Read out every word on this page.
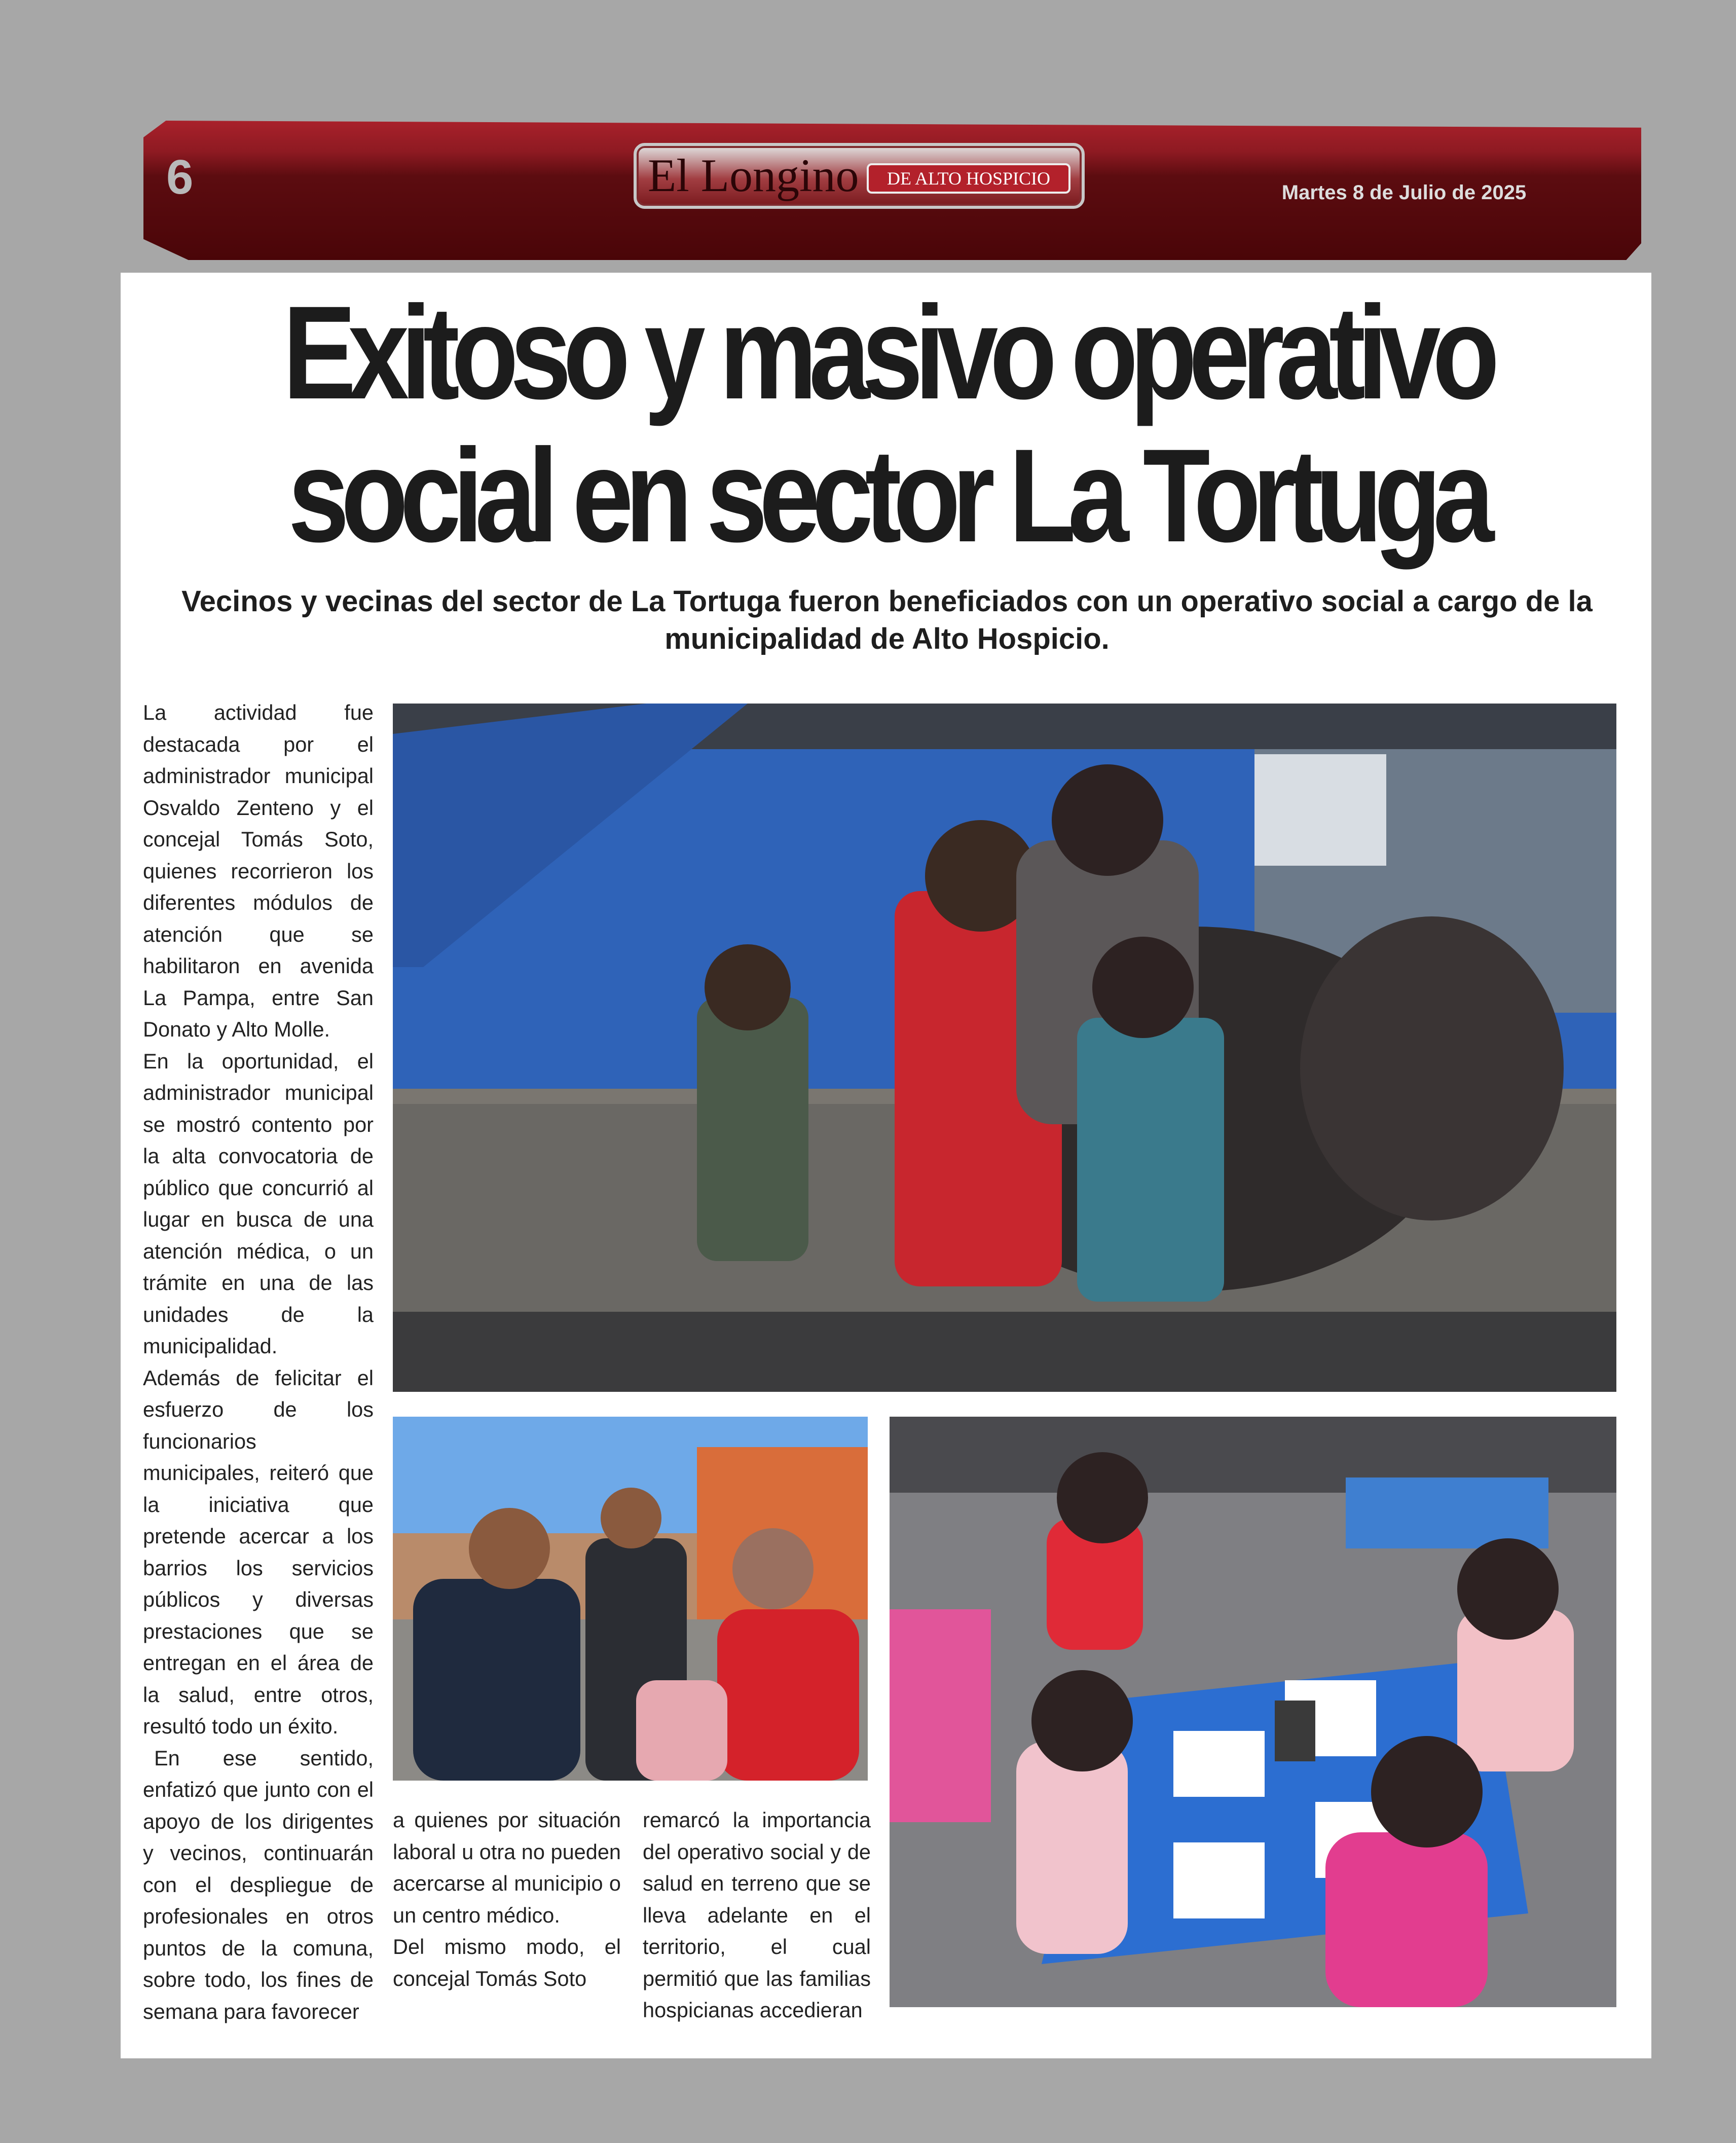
6	El Longino	DE ALTO HOSPICIO
Martes 8 de Julio de 2025
Exitoso y masivo operativo social en sector La Tortuga

Vecinos y vecinas del sector de La Tortuga fueron beneficiados con un operativo social a cargo de la municipalidad de Alto Hospicio.

La actividad fue destacada por el administrador municipal Osvaldo Zenteno y el concejal Tomás Soto, quienes recorrieron los diferentes módulos de atención que se habilitaron en avenida La Pampa, entre San Donato y Alto Molle.

En la oportunidad, el administrador municipal se mostró contento por la alta convocatoria de público que concurrió al lugar en busca de una atención médica, o un trámite en una de las unidades de la municipalidad.

Además de felicitar el esfuerzo de los funcionarios municipales, reiteró que la iniciativa que pretende acercar a los barrios los servicios públicos y diversas prestaciones que se entregan en el área de la salud, entre otros, resultó todo un éxito.

En ese sentido, enfatizó que junto con el apoyo de los dirigentes y vecinos, continuarán con el despliegue de profesionales en otros puntos de la comuna, sobre todo, los fines de semana para favorecer

a quienes por situación laboral u otra no pueden acercarse al municipio o un centro médico.

Del mismo modo, el concejal Tomás Soto

remarcó la importancia del operativo social y de salud en terreno que se lleva adelante en el territorio, el cual permitió que las familias hospicianas accedieran
